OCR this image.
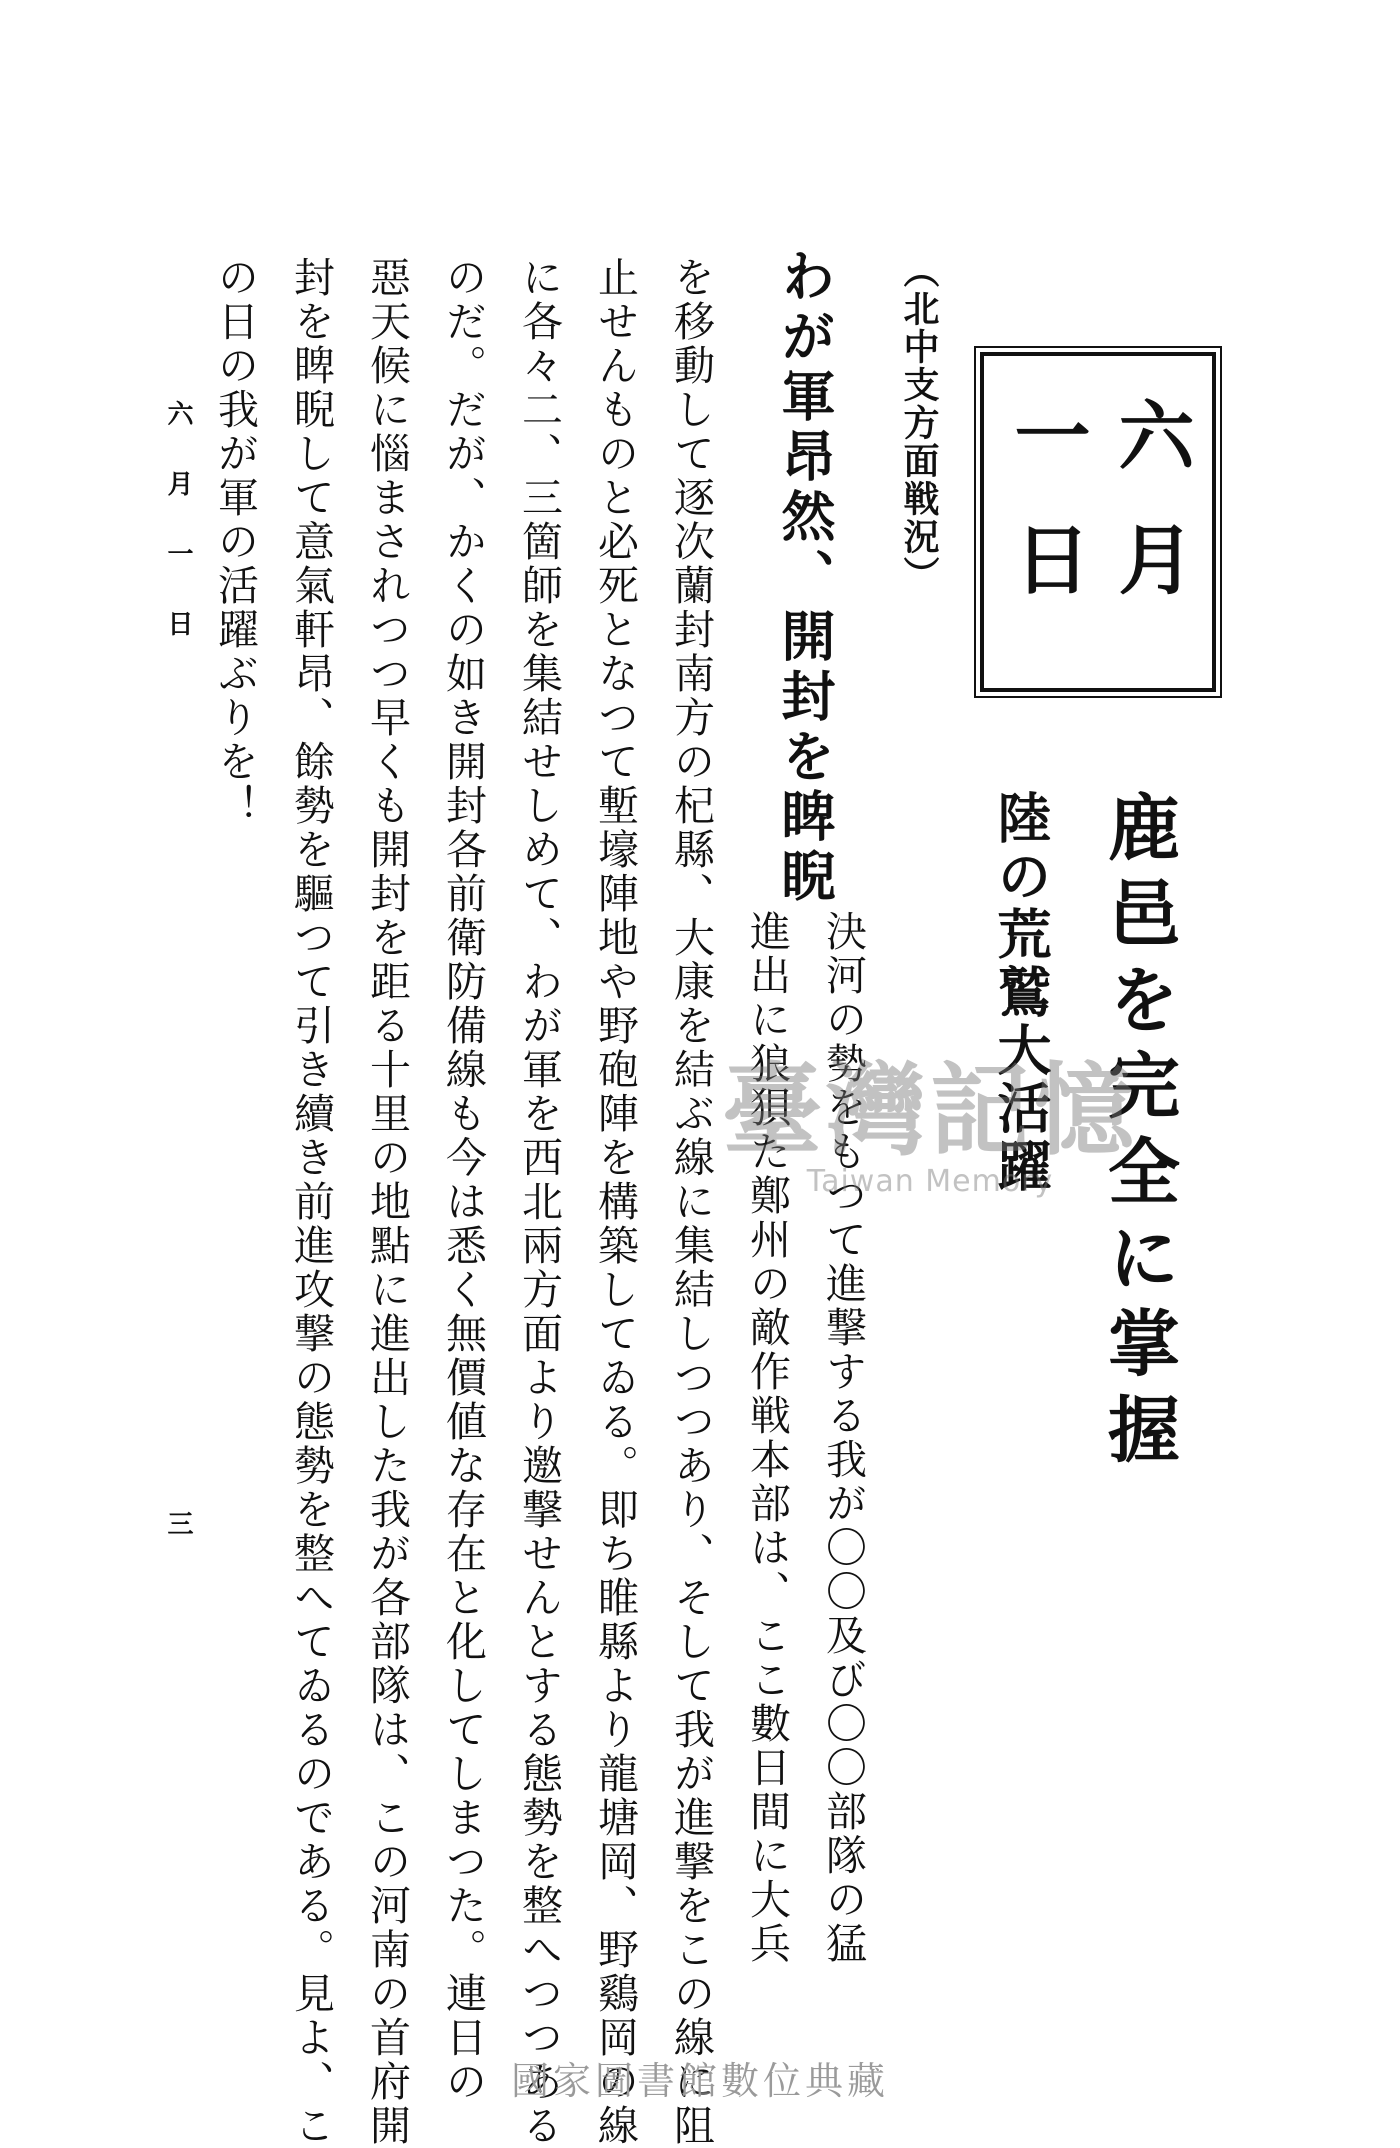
六月
一日
鹿邑を完全に掌握
陸の荒鷲大活躍
（北中支方面戦況）
わが軍昂然、開封を睥睨
決河の勢をもつて進撃する我が〇〇及び〇〇部隊の猛
進出に狼狽た鄭州の敵作戦本部は、ここ數日間に大兵
を移動して逐次蘭封南方の杞縣、大康を結ぶ線に集結しつつあり、そして我が進撃をこの線に阻
止せんものと必死となつて塹壕陣地や野砲陣を構築してゐる。即ち睢縣より龍塘岡、野鷄岡の線
に各々二、三箇師を集結せしめて、わが軍を西北兩方面より邀撃せんとする態勢を整へつつある
のだ。だが、かくの如き開封各前衛防備線も今は悉く無價値な存在と化してしまつた。連日の
惡天候に惱まされつつ早くも開封を距る十里の地點に進出した我が各部隊は、この河南の首府開
封を睥睨して意氣軒昂、餘勢を驅つて引き續き前進攻撃の態勢を整へてゐるのである。見よ、こ
の日の我が軍の活躍ぶりを！
六月一日
三
臺灣記憶
Taiwan Memory
國家圖書館數位典藏
